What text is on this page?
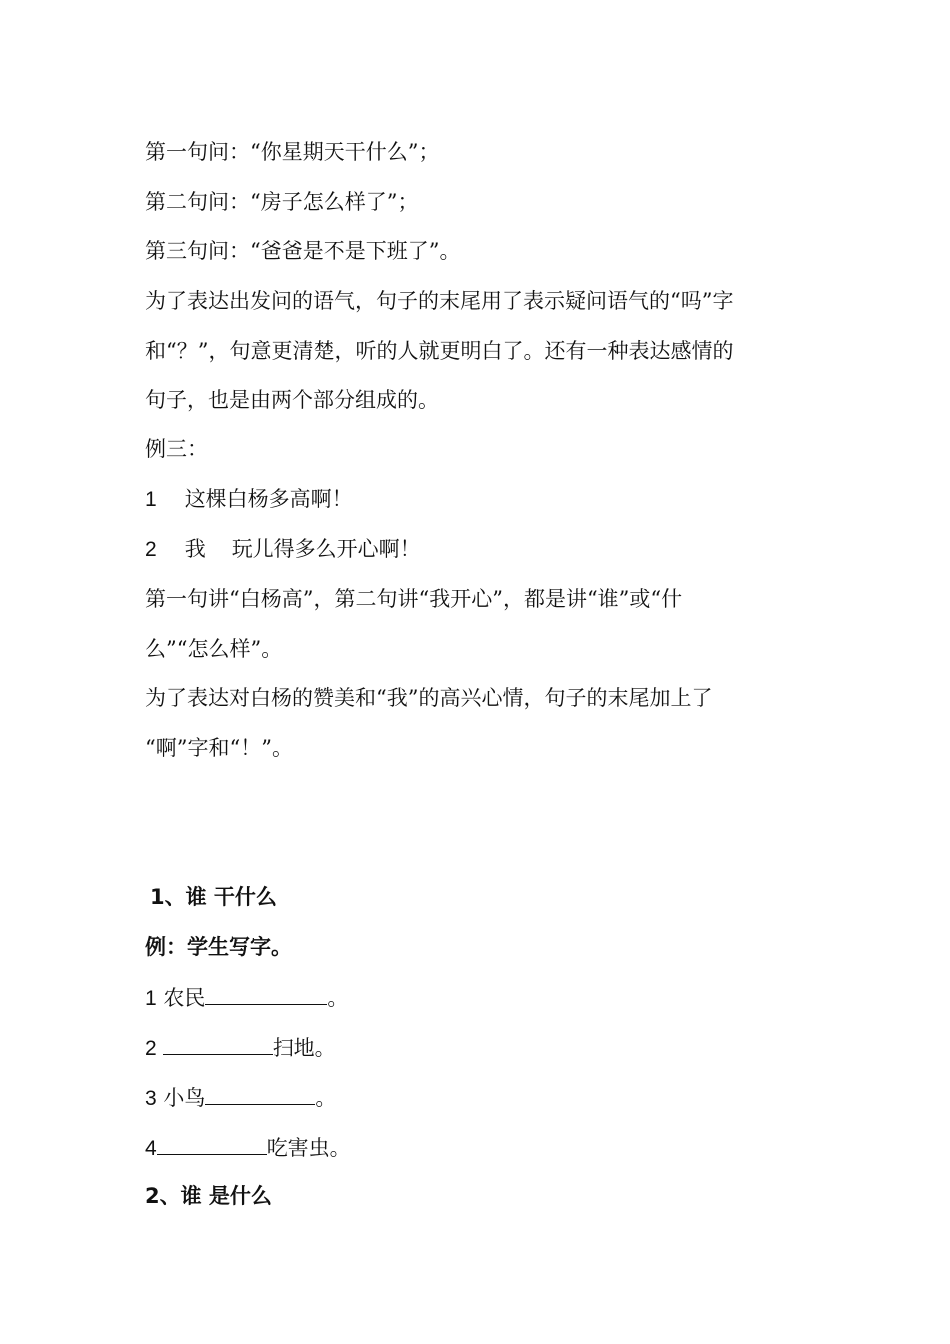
第一句问：“你星期天干什么”；
第二句问：“房子怎么样了”；
第三句问：“爸爸是不是下班了”。
为了表达出发问的语气，句子的末尾用了表示疑问语气的“吗”字
和“？”，句意更清楚，听的人就更明白了。还有一种表达感情的
句子，也是由两个部分组成的。
例三：
1 这棵白杨多高啊！
2 我 玩儿得多么开心啊！
第一句讲“白杨高”，第二句讲“我开心”，都是讲“谁”或“什
么”“怎么样”。
为了表达对白杨的赞美和“我”的高兴心情，句子的末尾加上了
“啊”字和“！”。
1、谁 干什么
例：学生写字。
1 农民	。
2	扫地。
3 小鸟	。
4	吃害虫。
2、谁 是什么
